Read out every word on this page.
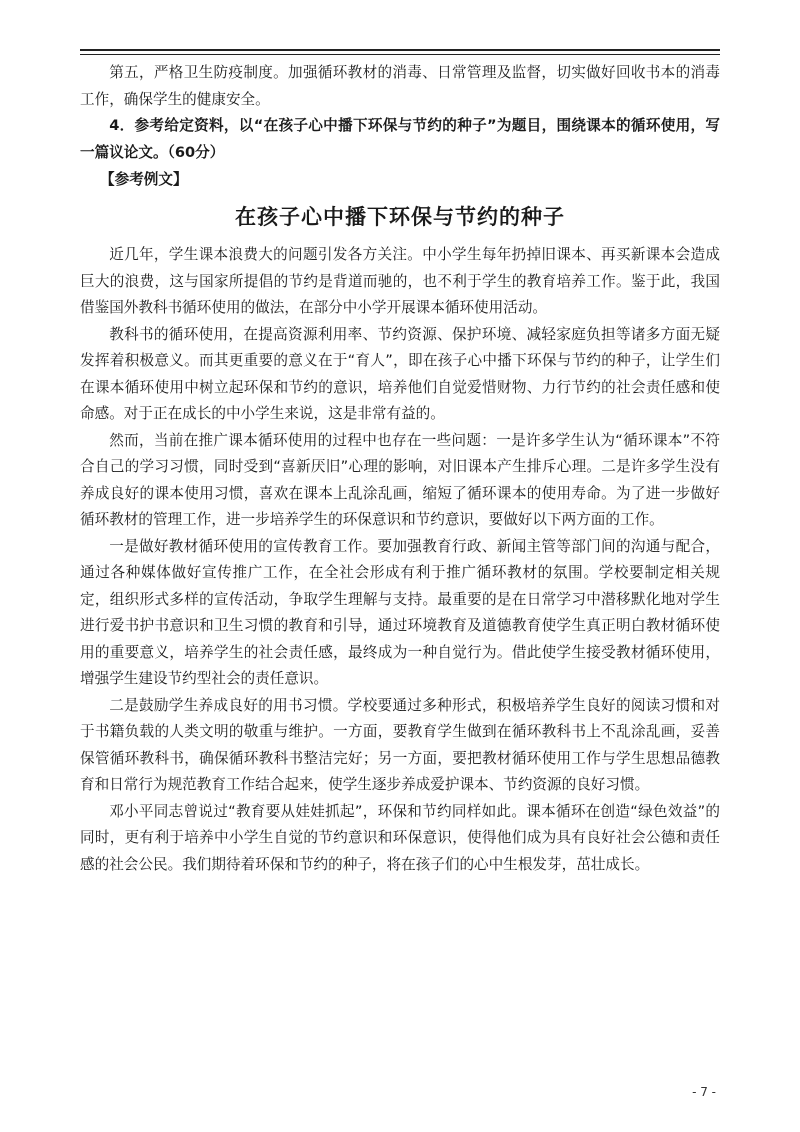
第五，严格卫生防疫制度。加强循环教材的消毒、日常管理及监督，切实做好回收书本的消毒工作，确保学生的健康安全。

4．参考给定资料，以“在孩子心中播下环保与节约的种子”为题目，围绕课本的循环使用，写一篇议论文。（60分）

【参考例文】

在孩子心中播下环保与节约的种子

近几年，学生课本浪费大的问题引发各方关注。中小学生每年扔掉旧课本、再买新课本会造成巨大的浪费，这与国家所提倡的节约是背道而驰的，也不利于学生的教育培养工作。鉴于此，我国借鉴国外教科书循环使用的做法，在部分中小学开展课本循环使用活动。

教科书的循环使用，在提高资源利用率、节约资源、保护环境、减轻家庭负担等诸多方面无疑发挥着积极意义。而其更重要的意义在于“育人”，即在孩子心中播下环保与节约的种子，让学生们在课本循环使用中树立起环保和节约的意识，培养他们自觉爱惜财物、力行节约的社会责任感和使命感。对于正在成长的中小学生来说，这是非常有益的。

然而，当前在推广课本循环使用的过程中也存在一些问题：一是许多学生认为“循环课本”不符合自己的学习习惯，同时受到“喜新厌旧”心理的影响，对旧课本产生排斥心理。二是许多学生没有养成良好的课本使用习惯，喜欢在课本上乱涂乱画，缩短了循环课本的使用寿命。为了进一步做好循环教材的管理工作，进一步培养学生的环保意识和节约意识，要做好以下两方面的工作。

一是做好教材循环使用的宣传教育工作。要加强教育行政、新闻主管等部门间的沟通与配合，通过各种媒体做好宣传推广工作，在全社会形成有利于推广循环教材的氛围。学校要制定相关规定，组织形式多样的宣传活动，争取学生理解与支持。最重要的是在日常学习中潜移默化地对学生进行爱书护书意识和卫生习惯的教育和引导，通过环境教育及道德教育使学生真正明白教材循环使用的重要意义，培养学生的社会责任感，最终成为一种自觉行为。借此使学生接受教材循环使用，增强学生建设节约型社会的责任意识。

二是鼓励学生养成良好的用书习惯。学校要通过多种形式，积极培养学生良好的阅读习惯和对于书籍负载的人类文明的敬重与维护。一方面，要教育学生做到在循环教科书上不乱涂乱画，妥善保管循环教科书，确保循环教科书整洁完好；另一方面，要把教材循环使用工作与学生思想品德教育和日常行为规范教育工作结合起来，使学生逐步养成爱护课本、节约资源的良好习惯。

邓小平同志曾说过“教育要从娃娃抓起”，环保和节约同样如此。课本循环在创造“绿色效益”的同时，更有利于培养中小学生自觉的节约意识和环保意识，使得他们成为具有良好社会公德和责任感的社会公民。我们期待着环保和节约的种子，将在孩子们的心中生根发芽，茁壮成长。

- 7 -
